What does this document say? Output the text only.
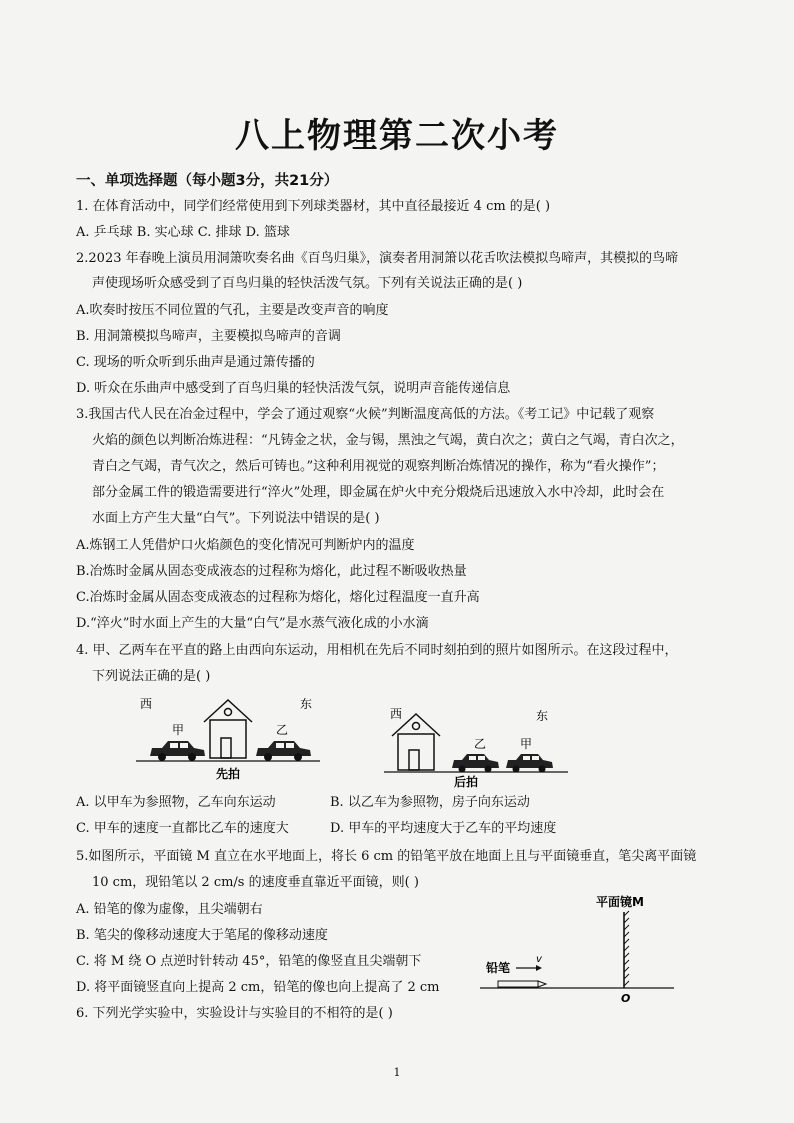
八上物理第二次小考
一、单项选择题（每小题3分，共21分）
1. 在体育活动中，同学们经常使用到下列球类器材，其中直径最接近 4 cm 的是( )
A. 乒乓球 B. 实心球 C. 排球 D. 篮球
2.2023 年春晚上演员用洞箫吹奏名曲《百鸟归巢》，演奏者用洞箫以花舌吹法模拟鸟啼声，其模拟的鸟啼
声使现场听众感受到了百鸟归巢的轻快活泼气氛。下列有关说法正确的是( )
A.吹奏时按压不同位置的气孔，主要是改变声音的响度
B. 用洞箫模拟鸟啼声，主要模拟鸟啼声的音调
C. 现场的听众听到乐曲声是通过箫传播的
D. 听众在乐曲声中感受到了百鸟归巢的轻快活泼气氛，说明声音能传递信息
3.我国古代人民在冶金过程中，学会了通过观察“火候”判断温度高低的方法。《考工记》中记载了观察
火焰的颜色以判断冶炼进程：“凡铸金之状，金与锡，黑浊之气竭，黄白次之；黄白之气竭，青白次之，
青白之气竭，青气次之，然后可铸也。”这种利用视觉的观察判断冶炼情况的操作，称为“看火操作”；
部分金属工件的锻造需要进行“淬火”处理，即金属在炉火中充分煅烧后迅速放入水中冷却，此时会在
水面上方产生大量“白气”。下列说法中错误的是( )
A.炼钢工人凭借炉口火焰颜色的变化情况可判断炉内的温度
B.冶炼时金属从固态变成液态的过程称为熔化，此过程不断吸收热量
C.冶炼时金属从固态变成液态的过程称为熔化，熔化过程温度一直升高
D.“淬火”时水面上产生的大量“白气”是水蒸气液化成的小水滴
4. 甲、乙两车在平直的路上由西向东运动，用相机在先后不同时刻拍到的照片如图所示。在这段过程中，
下列说法正确的是( )
西	东
甲	乙
先拍
西	东
乙	甲
后拍
A. 以甲车为参照物，乙车向东运动	B. 以乙车为参照物，房子向东运动
C. 甲车的速度一直都比乙车的速度大	D. 甲车的平均速度大于乙车的平均速度
5.如图所示，平面镜 M 直立在水平地面上，将长 6 cm 的铅笔平放在地面上且与平面镜垂直，笔尖离平面镜
10 cm，现铅笔以 2 cm/s 的速度垂直靠近平面镜，则( )
A. 铅笔的像为虚像，且尖端朝右
B. 笔尖的像移动速度大于笔尾的像移动速度
C. 将 M 绕 O 点逆时针转动 45°，铅笔的像竖直且尖端朝下
D. 将平面镜竖直向上提高 2 cm，铅笔的像也向上提高了 2 cm
平面镜M
铅笔
v
O
6. 下列光学实验中，实验设计与实验目的不相符的是( )
1
